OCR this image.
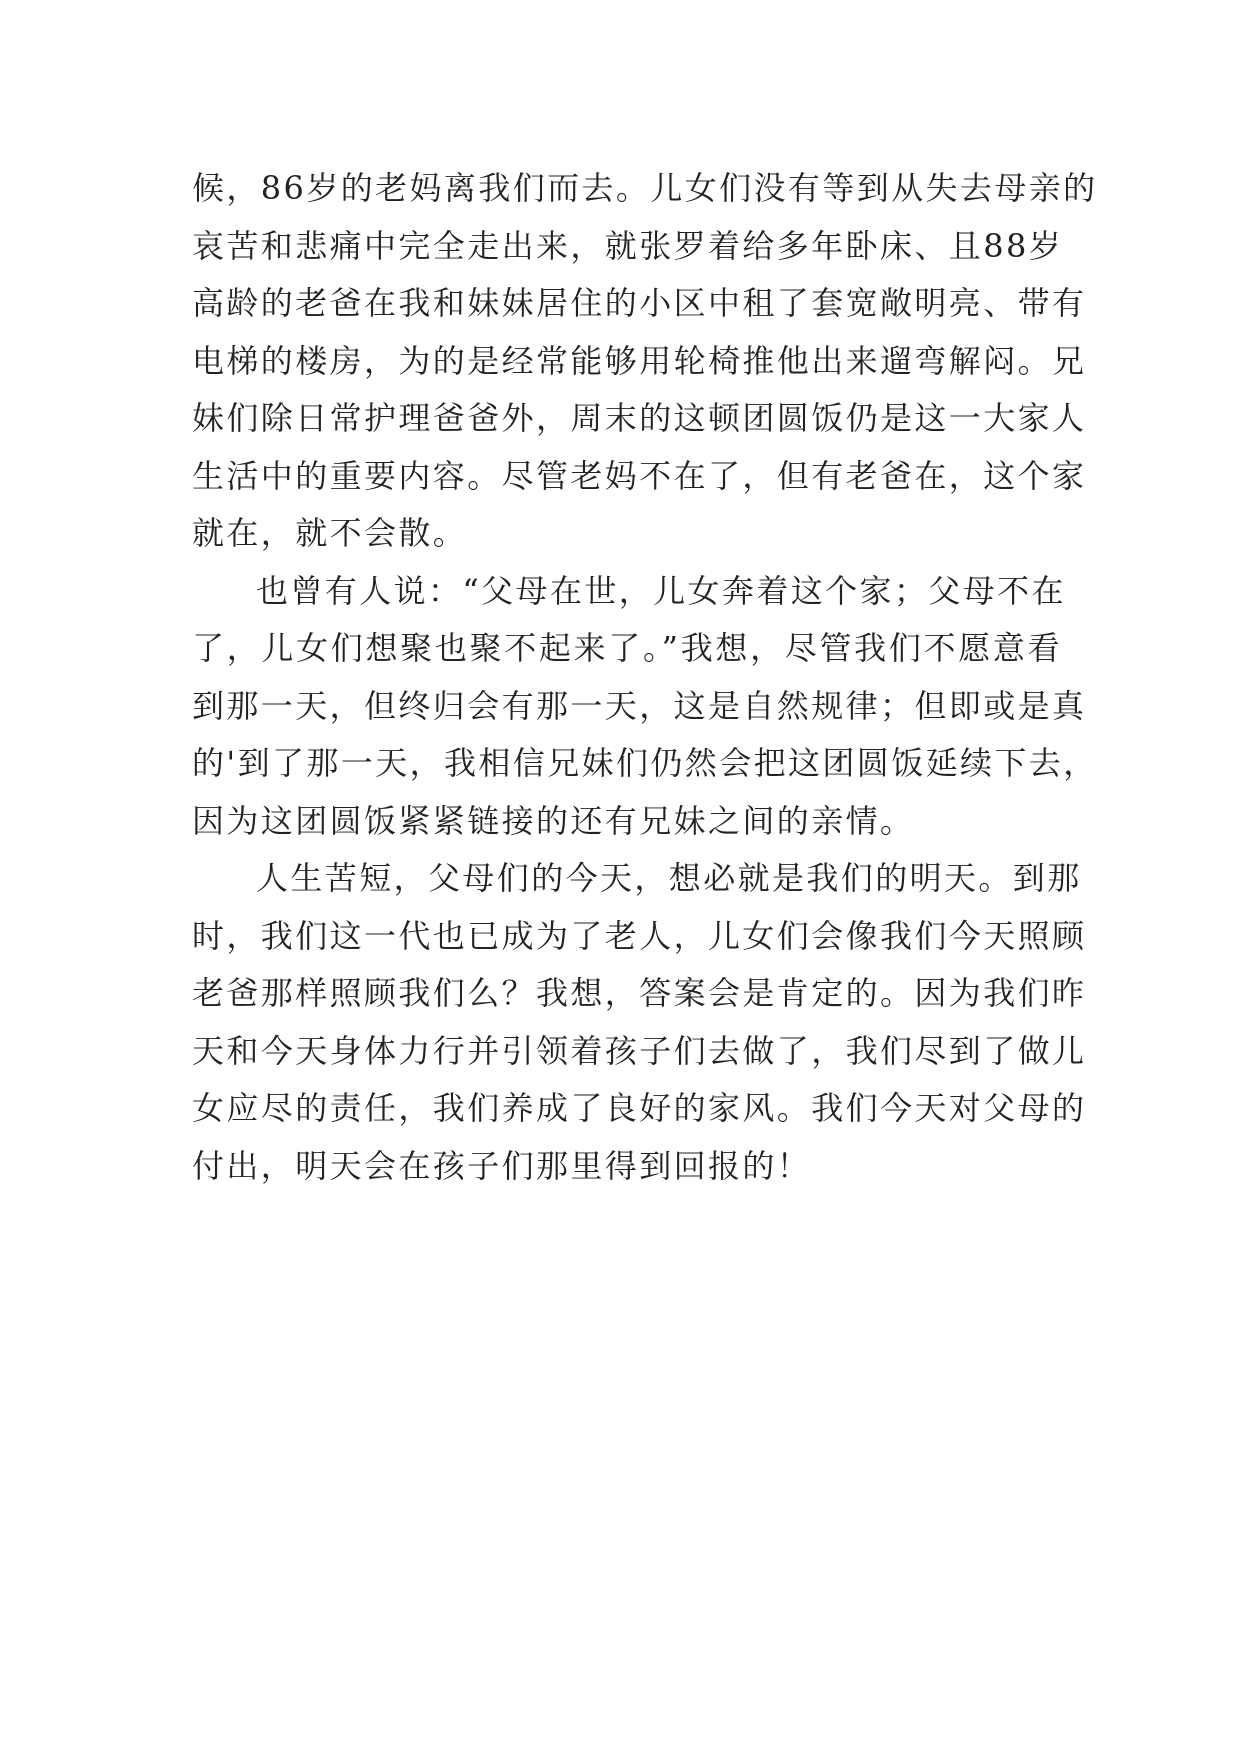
候，86岁的老妈离我们而去。儿女们没有等到从失去母亲的
哀苦和悲痛中完全走出来，就张罗着给多年卧床、且88岁
高龄的老爸在我和妹妹居住的小区中租了套宽敞明亮、带有
电梯的楼房，为的是经常能够用轮椅推他出来遛弯解闷。兄
妹们除日常护理爸爸外，周末的这顿团圆饭仍是这一大家人
生活中的重要内容。尽管老妈不在了，但有老爸在，这个家
就在，就不会散。
也曾有人说：“父母在世，儿女奔着这个家；父母不在
了，儿女们想聚也聚不起来了。”我想，尽管我们不愿意看
到那一天，但终归会有那一天，这是自然规律；但即或是真
的'到了那一天，我相信兄妹们仍然会把这团圆饭延续下去，
因为这团圆饭紧紧链接的还有兄妹之间的亲情。
人生苦短，父母们的今天，想必就是我们的明天。到那
时，我们这一代也已成为了老人，儿女们会像我们今天照顾
老爸那样照顾我们么？我想，答案会是肯定的。因为我们昨
天和今天身体力行并引领着孩子们去做了，我们尽到了做儿
女应尽的责任，我们养成了良好的家风。我们今天对父母的
付出，明天会在孩子们那里得到回报的！
